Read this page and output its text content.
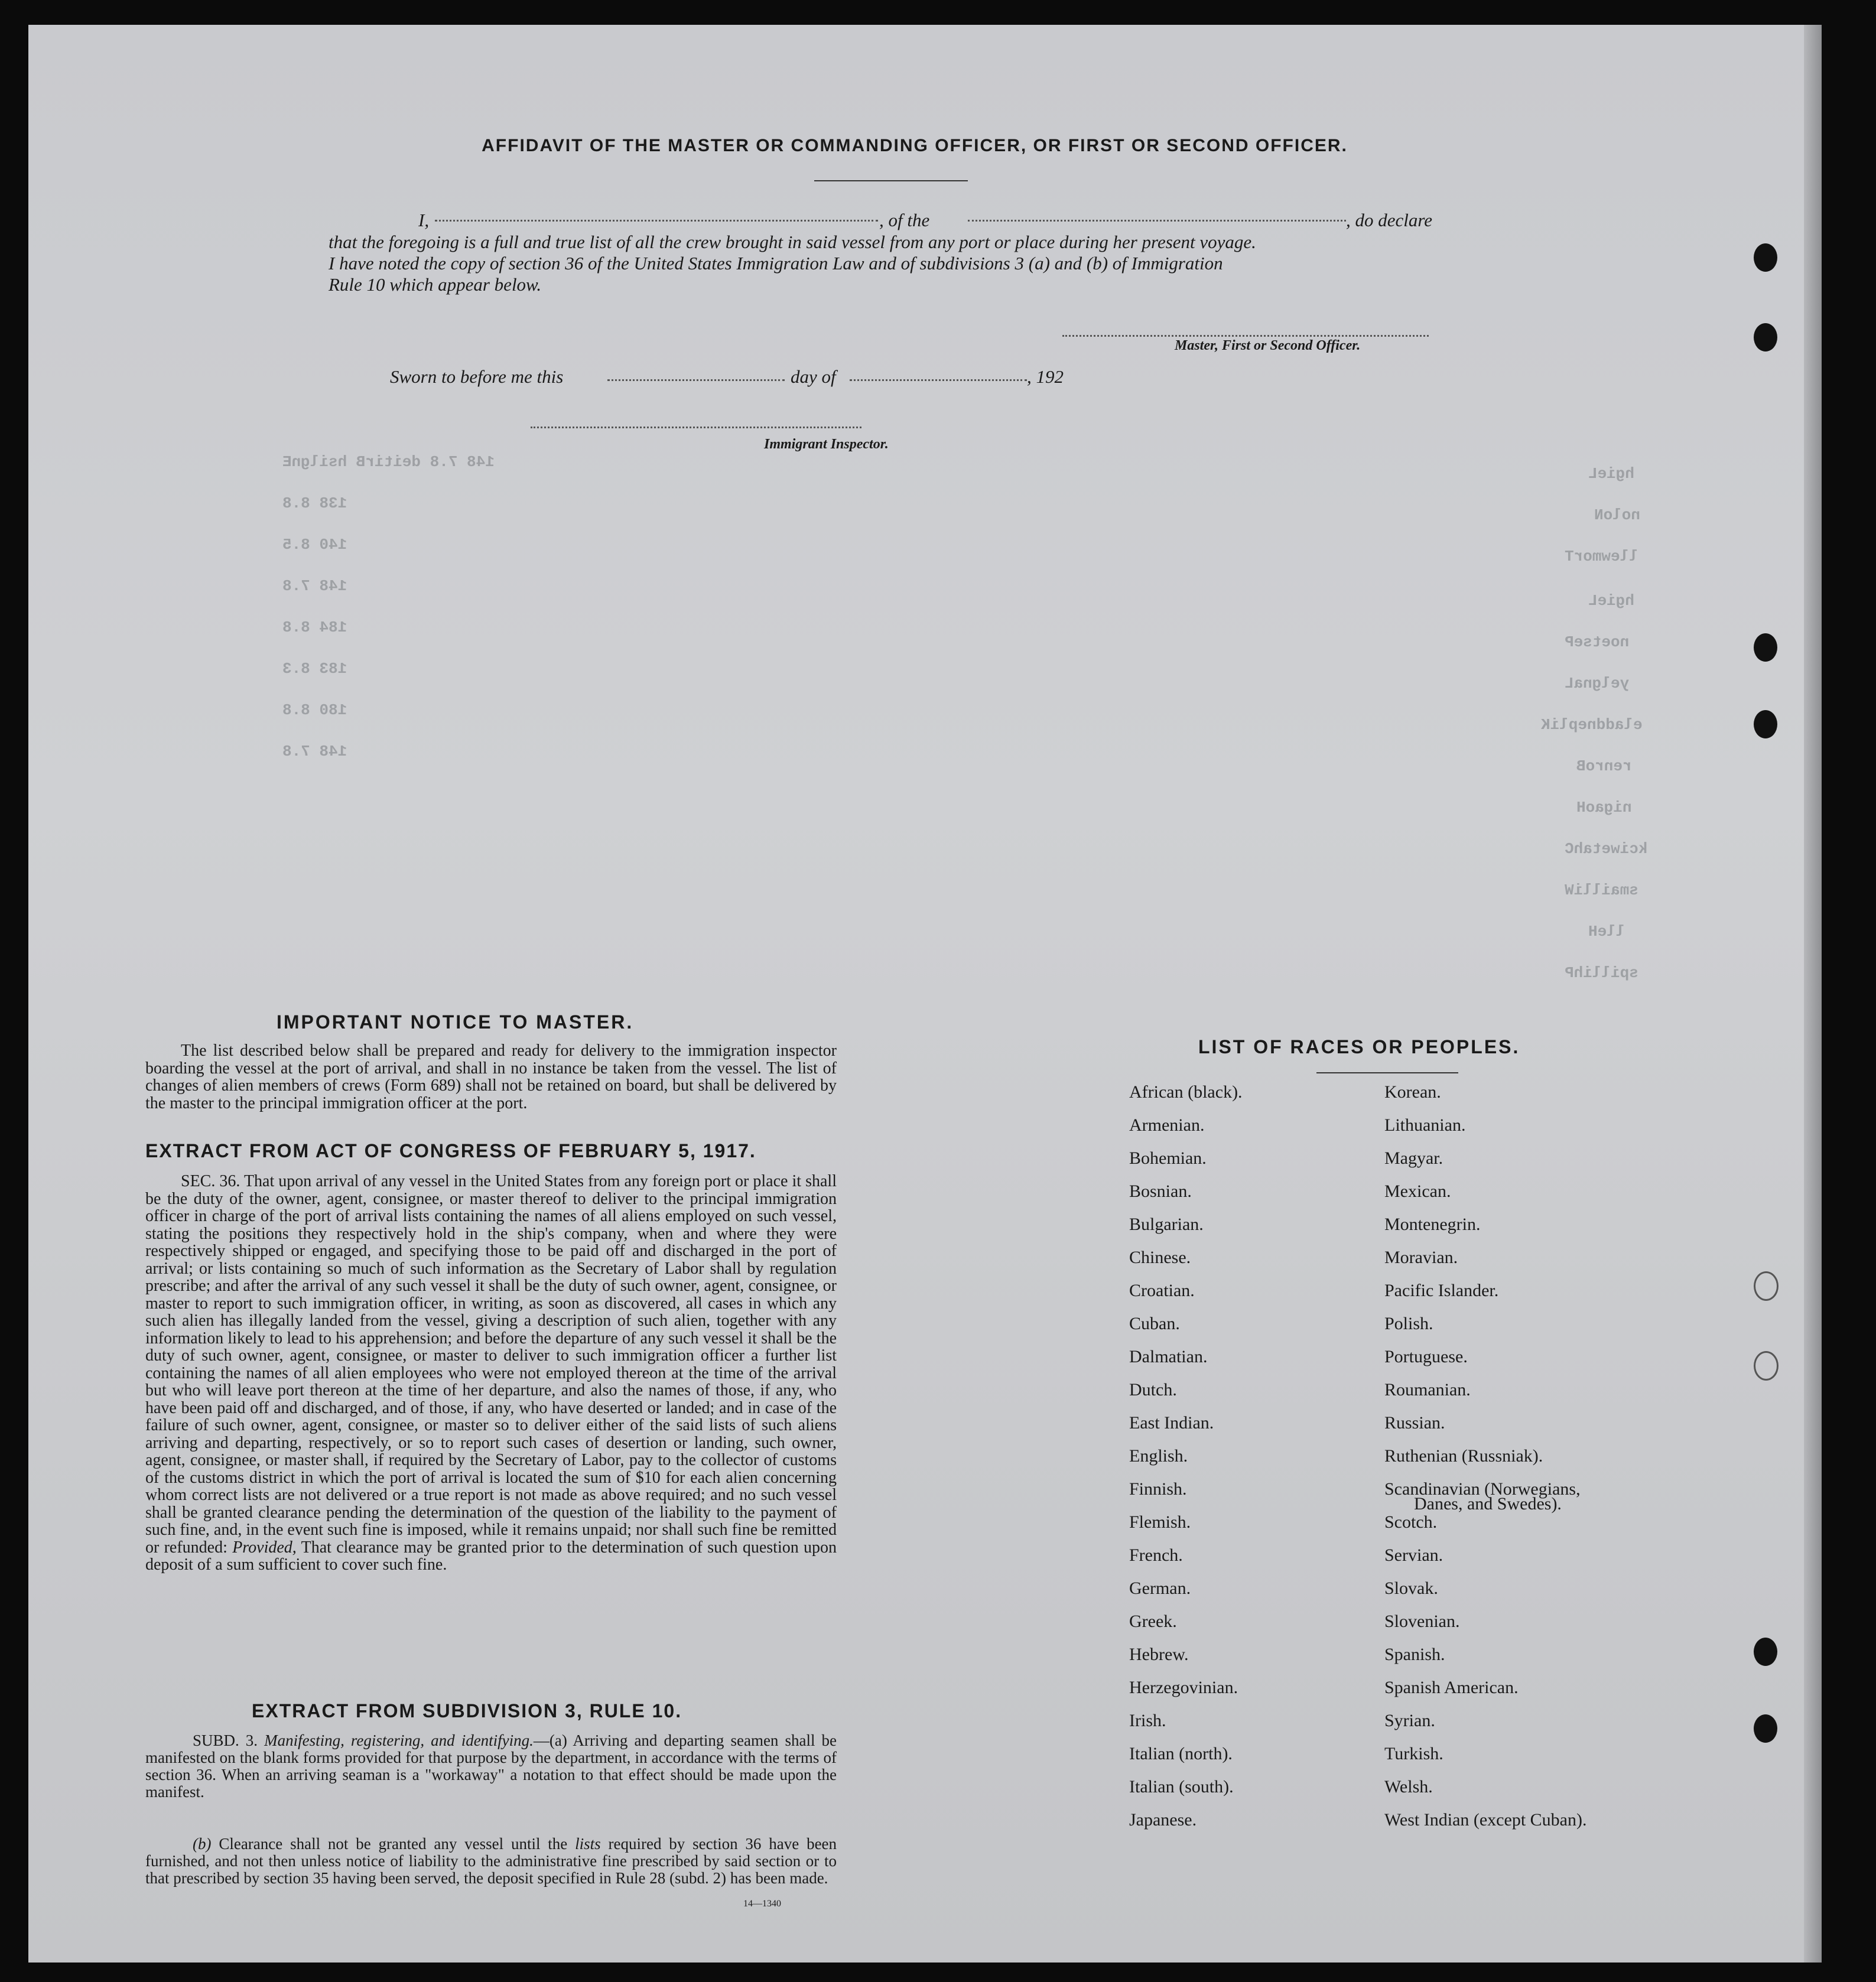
148 7.8 deitirB hsilgnE
hgieL
noloN
llewmorT
hgieL
noetseP
yelgnaL
eladdnepliK
renroB
nigaoH
kciwetahC
smailliW
lleH
spillihP
138 8.8
140 8.5
148 7.8
184 8.8
183 8.3
180 8.8
148 7.8
AFFIDAVIT OF THE MASTER OR COMMANDING OFFICER, OR FIRST OR SECOND OFFICER.
I,	, of the	, do declare
that the foregoing is a full and true list of all the crew brought in said vessel from any port or place during her present voyage.
I have noted the copy of section 36 of the United States Immigration Law and of subdivisions 3 (a) and (b) of Immigration
Rule 10 which appear below.
Master, First or Second Officer.
Sworn to before me this	day of	, 192
Immigrant Inspector.
IMPORTANT NOTICE TO MASTER.
The list described below shall be prepared and ready for delivery to the immigration inspector boarding the vessel at the port of arrival, and shall in no instance be taken from the vessel. The list of changes of alien members of crews (Form 689) shall not be retained on board, but shall be delivered by the master to the principal immigration officer at the port.
EXTRACT FROM ACT OF CONGRESS OF FEBRUARY 5, 1917.
SEC. 36. That upon arrival of any vessel in the United States from any foreign port or place it shall be the duty of the owner, agent, consignee, or master thereof to deliver to the principal immigration officer in charge of the port of arrival lists containing the names of all aliens employed on such vessel, stating the positions they respectively hold in the ship's company, when and where they were respectively shipped or engaged, and specifying those to be paid off and discharged in the port of arrival; or lists containing so much of such information as the Secretary of Labor shall by regulation prescribe; and after the arrival of any such vessel it shall be the duty of such owner, agent, consignee, or master to report to such immigration officer, in writing, as soon as discovered, all cases in which any such alien has illegally landed from the vessel, giving a description of such alien, together with any information likely to lead to his apprehension; and before the departure of any such vessel it shall be the duty of such owner, agent, consignee, or master to deliver to such immigration officer a further list containing the names of all alien employees who were not employed thereon at the time of the arrival but who will leave port thereon at the time of her departure, and also the names of those, if any, who have been paid off and discharged, and of those, if any, who have deserted or landed; and in case of the failure of such owner, agent, consignee, or master so to deliver either of the said lists of such aliens arriving and departing, respectively, or so to report such cases of desertion or landing, such owner, agent, consignee, or master shall, if required by the Secretary of Labor, pay to the collector of customs of the customs district in which the port of arrival is located the sum of $10 for each alien concerning whom correct lists are not delivered or a true report is not made as above required; and no such vessel shall be granted clearance pending the determination of the question of the liability to the payment of such fine, and, in the event such fine is imposed, while it remains unpaid; nor shall such fine be remitted or refunded: Provided, That clearance may be granted prior to the determination of such question upon deposit of a sum sufficient to cover such fine.
EXTRACT FROM SUBDIVISION 3, RULE 10.
SUBD. 3. Manifesting, registering, and identifying.—(a) Arriving and departing seamen shall be manifested on the blank forms provided for that purpose by the department, in accordance with the terms of section 36. When an arriving seaman is a "workaway" a notation to that effect should be made upon the manifest.
(b) Clearance shall not be granted any vessel until the lists required by section 36 have been furnished, and not then unless notice of liability to the administrative fine prescribed by said section or to that prescribed by section 35 having been served, the deposit specified in Rule 28 (subd. 2) has been made.
14—1340
LIST OF RACES OR PEOPLES.
African (black).
Armenian.
Bohemian.
Bosnian.
Bulgarian.
Chinese.
Croatian.
Cuban.
Dalmatian.
Dutch.
East Indian.
English.
Finnish.
Flemish.
French.
German.
Greek.
Hebrew.
Herzegovinian.
Irish.
Italian (north).
Italian (south).
Japanese.
Korean.
Lithuanian.
Magyar.
Mexican.
Montenegrin.
Moravian.
Pacific Islander.
Polish.
Portuguese.
Roumanian.
Russian.
Ruthenian (Russniak).
Scandinavian (Norwegians,
Danes, and Swedes).
Scotch.
Servian.
Slovak.
Slovenian.
Spanish.
Spanish American.
Syrian.
Turkish.
Welsh.
West Indian (except Cuban).
